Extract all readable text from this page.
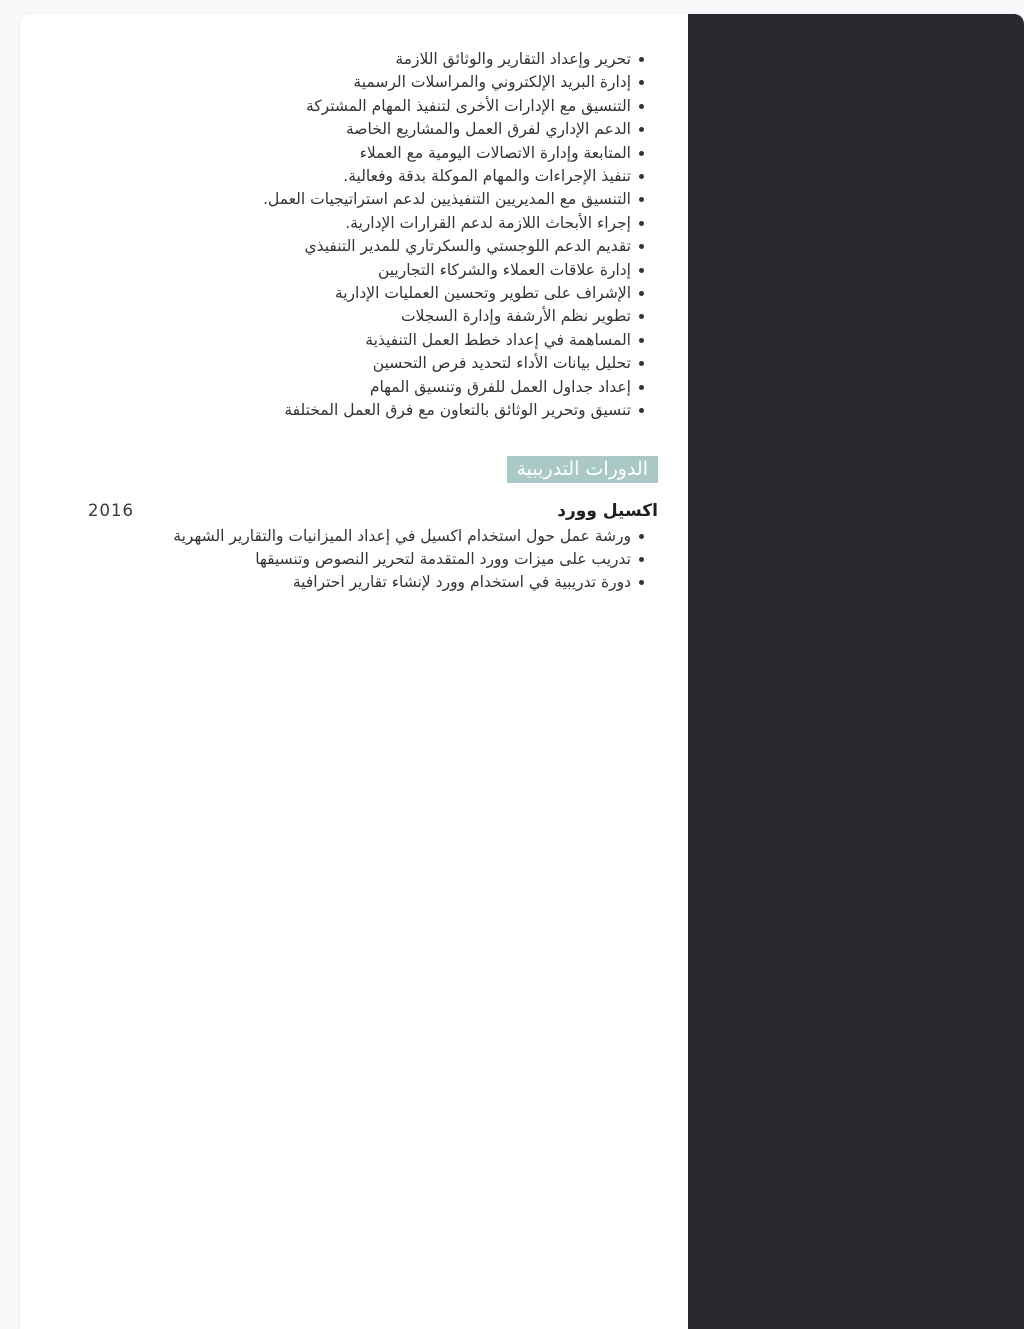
تحرير وإعداد التقارير والوثائق اللازمة
إدارة البريد الإلكتروني والمراسلات الرسمية
التنسيق مع الإدارات الأخرى لتنفيذ المهام المشتركة
الدعم الإداري لفرق العمل والمشاريع الخاصة
المتابعة وإدارة الاتصالات اليومية مع العملاء
تنفيذ الإجراءات والمهام الموكلة بدقة وفعالية.
التنسيق مع المديريين التنفيذيين لدعم استراتيجيات العمل.
إجراء الأبحاث اللازمة لدعم القرارات الإدارية.
تقديم الدعم اللوجستي والسكرتاري للمدير التنفيذي
إدارة علاقات العملاء والشركاء التجاريين
الإشراف على تطوير وتحسين العمليات الإدارية
تطوير نظم الأرشفة وإدارة السجلات
المساهمة في إعداد خطط العمل التنفيذية
تحليل بيانات الأداء لتحديد فرص التحسين
إعداد جداول العمل للفرق وتنسيق المهام
تنسيق وتحرير الوثائق بالتعاون مع فرق العمل المختلفة
الدورات التدريبية
اكسيل وورد
2016
ورشة عمل حول استخدام اكسيل في إعداد الميزانيات والتقارير الشهرية
تدريب على ميزات وورد المتقدمة لتحرير النصوص وتنسيقها
دورة تدريبية في استخدام وورد لإنشاء تقارير احترافية
